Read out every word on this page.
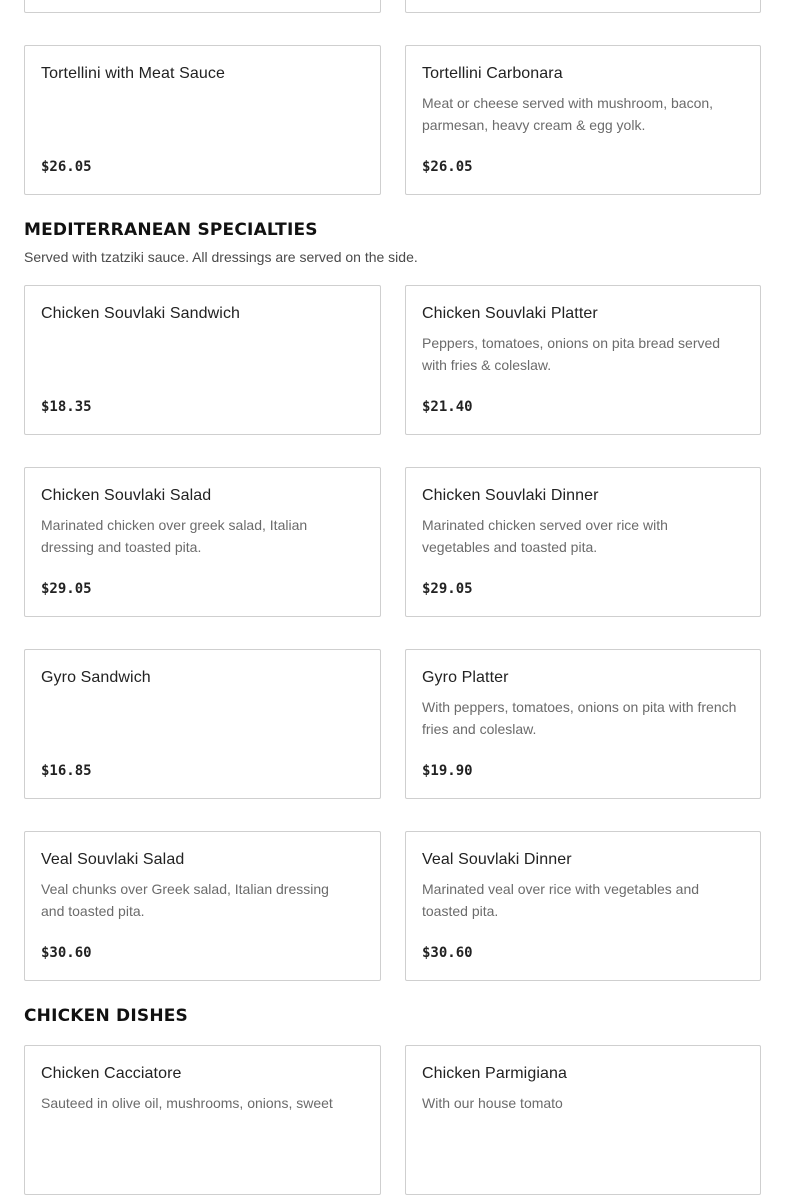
Tortellini with Meat Sauce
$26.05
Tortellini Carbonara
Meat or cheese served with mushroom, bacon, parmesan, heavy cream & egg yolk.
$26.05
MEDITERRANEAN SPECIALTIES

Served with tzatziki sauce. All dressings are served on the side.

Chicken Souvlaki Sandwich
$18.35
Chicken Souvlaki Platter
Peppers, tomatoes, onions on pita bread served with fries & coleslaw.
$21.40
Chicken Souvlaki Salad
Marinated chicken over greek salad, Italian dressing and toasted pita.
$29.05
Chicken Souvlaki Dinner
Marinated chicken served over rice with vegetables and toasted pita.
$29.05
Gyro Sandwich
$16.85
Gyro Platter
With peppers, tomatoes, onions on pita with french fries and coleslaw.
$19.90
Veal Souvlaki Salad
Veal chunks over Greek salad, Italian dressing and toasted pita.
$30.60
Veal Souvlaki Dinner
Marinated veal over rice with vegetables and toasted pita.
$30.60
CHICKEN DISHES
Chicken Cacciatore
Sauteed in olive oil, mushrooms, onions, sweet
Chicken Parmigiana
With our house tomato
